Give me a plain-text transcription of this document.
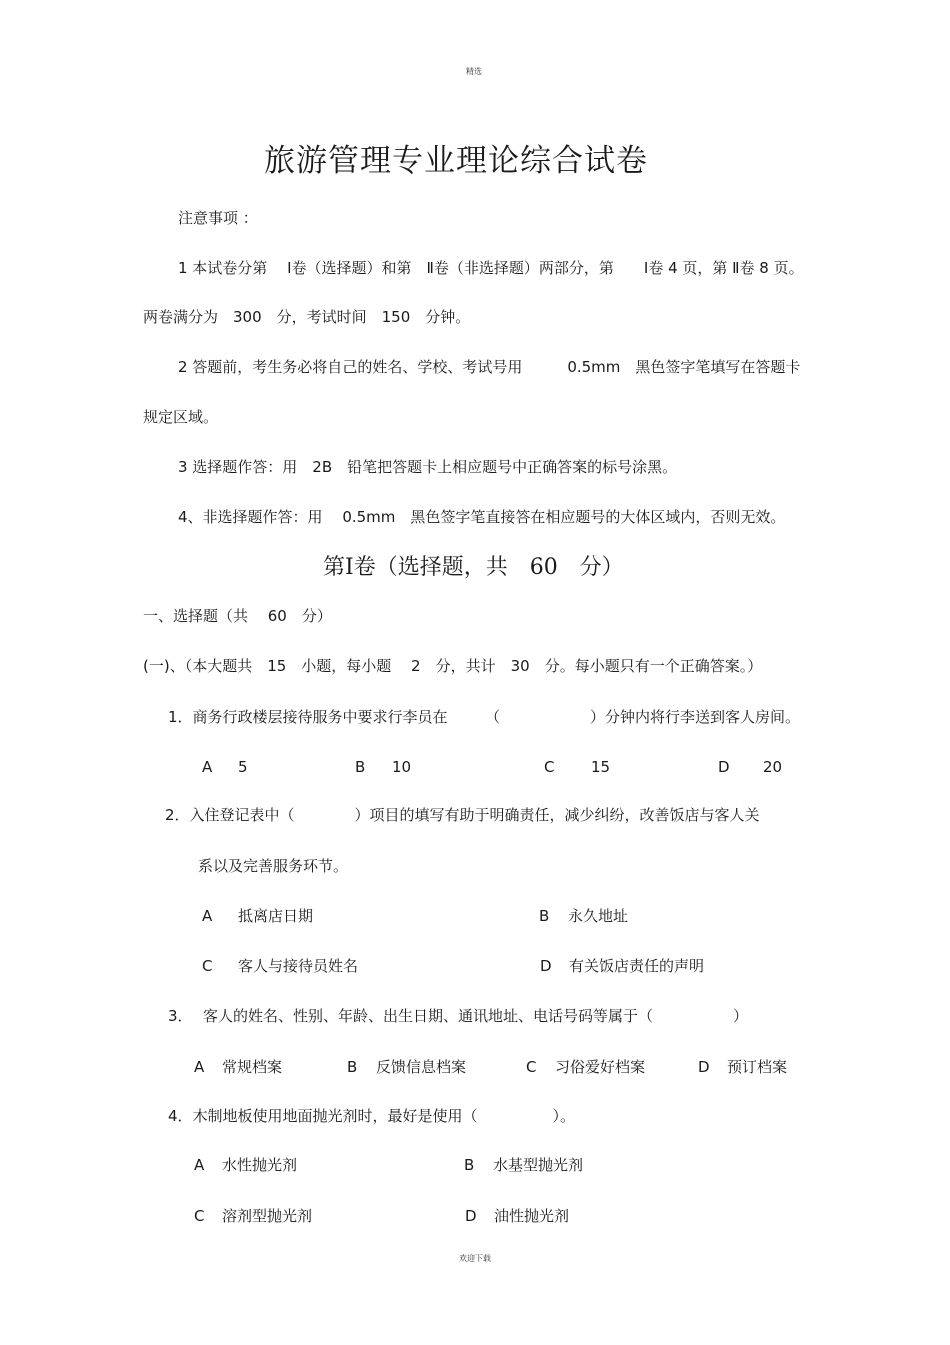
精选
旅游管理专业理论综合试卷
注意事项 ：
1 本试卷分第　 Ⅰ卷（选择题）和第　Ⅱ卷（非选择题）两部分，第　　Ⅰ卷 4 页，第 Ⅱ卷 8 页。
两卷满分为　300　分，考试时间　150　分钟。
2 答题前，考生务必将自己的姓名、学校、考试号用　　　0.5mm　黑色签字笔填写在答题卡
规定区域。
3 选择题作答：用　2B　铅笔把答题卡上相应题号中正确答案的标号涂黑。
4、非选择题作答：用　 0.5mm　黑色签字笔直接答在相应题号的大体区域内，否则无效。
第Ⅰ卷（选择题，共　60　分）
一、选择题（共　 60　分）
(一)、（本大题共　15　小题，每小题　 2　分，共计　30　分。每小题只有一个正确答案。）
1．商务行政楼层接待服务中要求行李员在　　　（　　　　　　）分钟内将行李送到客人房间。
A 5	B 10	C 15	D 20
2．入住登记表中（　　　　）项目的填写有助于明确责任，减少纠纷，改善饭店与客人关
系以及完善服务环节。
A 抵离店日期	B 永久地址
C 客人与接待员姓名	D 有关饭店责任的声明
3． 客人的姓名、性别、年龄、出生日期、通讯地址、电话号码等属于（	）
A 常规档案	B 反馈信息档案	C 习俗爱好档案	D 预订档案
4．木制地板使用地面抛光剂时，最好是使用（　　　　　）。
A 水性抛光剂	B 水基型抛光剂
C 溶剂型抛光剂	D 油性抛光剂
欢迎下载
